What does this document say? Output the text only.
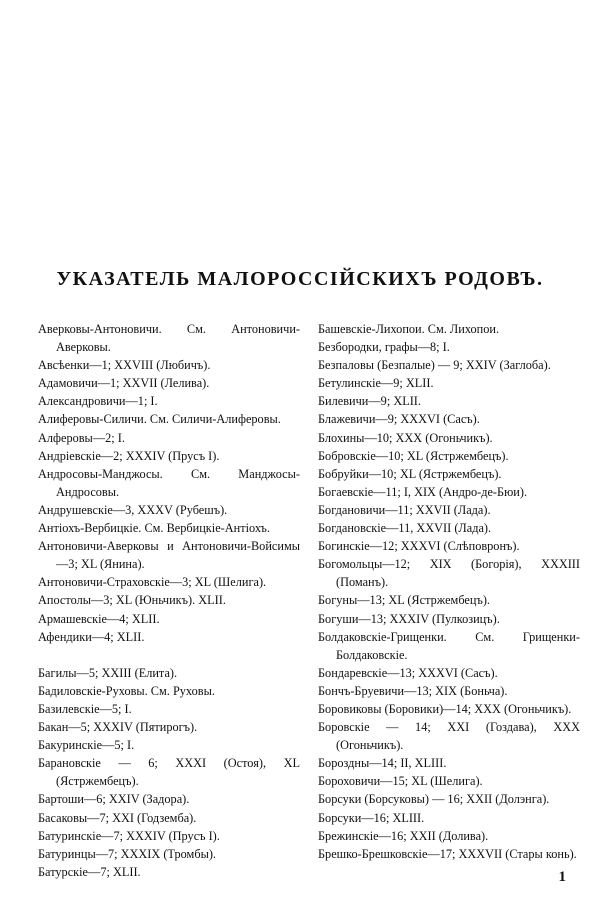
УКАЗАТЕЛЬ МАЛОРОССІЙСКИХЪ РОДОВЪ.
Аверковы-Антоновичи. См. Антоновичи-Аверковы.
Авсѣенки—1; XXVIII (Любичъ).
Адамовичи—1; XXVII (Лелива).
Александровичи—1; I.
Алиферовы-Силичи. См. Силичи-Алиферовы.
Алферовы—2; I.
Андріевскіе—2; XXXIV (Прусъ I).
Андросовы-Манджосы. См. Манджосы-Андросовы.
Андрушевскіе—3, XXXV (Рубешъ).
Антіохъ-Вербицкіе. См. Вербицкіе-Антіохъ.
Антоновичи-Аверковы и Антоновичи-Войсимы—3; XL (Янина).
Антоновичи-Страховскіе—3; XL (Шелига).
Апостолы—3; XL (Юньчикъ). XLII.
Армашевскіе—4; XLII.
Афендики—4; XLII.
Багилы—5; XXIII (Елита).
Бадиловскіе-Руховы. См. Руховы.
Базилевскіе—5; I.
Бакан—5; XXXIV (Пятирогъ).
Бакуринскіе—5; I.
Барановскіе — 6; XXXI (Остоя), XL (Ястржембецъ).
Бартоши—6; XXIV (Задора).
Басаковы—7; XXI (Годземба).
Батуринскіе—7; XXXIV (Прусъ I).
Батуринцы—7; XXXIX (Тромбы).
Батурскіе—7; XLII.
Башевскіе-Лихопои. См. Лихопои.
Безбородки, графы—8; I.
Безпаловы (Безпалые) — 9; XXIV (Заглоба).
Бетулинскіе—9; XLII.
Билевичи—9; XLII.
Блажевичи—9; XXXVI (Сасъ).
Блохины—10; XXX (Огоньчикъ).
Бобровскіе—10; XL (Ястржембецъ).
Бобруйки—10; XL (Ястржембецъ).
Богаевскіе—11; I, XIX (Андро-де-Бюи).
Богдановичи—11; XXVII (Лада).
Богдановскіе—11, XXVII (Лада).
Богинскіе—12; XXXVI (Слѣповронъ).
Богомольцы—12; XIX (Богорія), XXXIII (Поманъ).
Богуны—13; XL (Ястржембецъ).
Богуши—13; XXXIV (Пулкозицъ).
Болдаковскіе-Грищенки. См. Грищенки-Болдаковскіе.
Бондаревскіе—13; XXXVI (Сасъ).
Бончъ-Бруевичи—13; XIX (Боньча).
Боровиковы (Боровики)—14; XXX (Огоньчикъ).
Боровскіе — 14; XXI (Гоздава), XXX (Огоньчикъ).
Бороздны—14; II, XLIII.
Бороховичи—15; XL (Шелига).
Борсуки (Борсуковы) — 16; XXII (Долэнга).
Борсуки—16; XLIII.
Брежинскіе—16; XXII (Долива).
Брешко-Брешковскіе—17; XXXVII (Стары конь).
1
